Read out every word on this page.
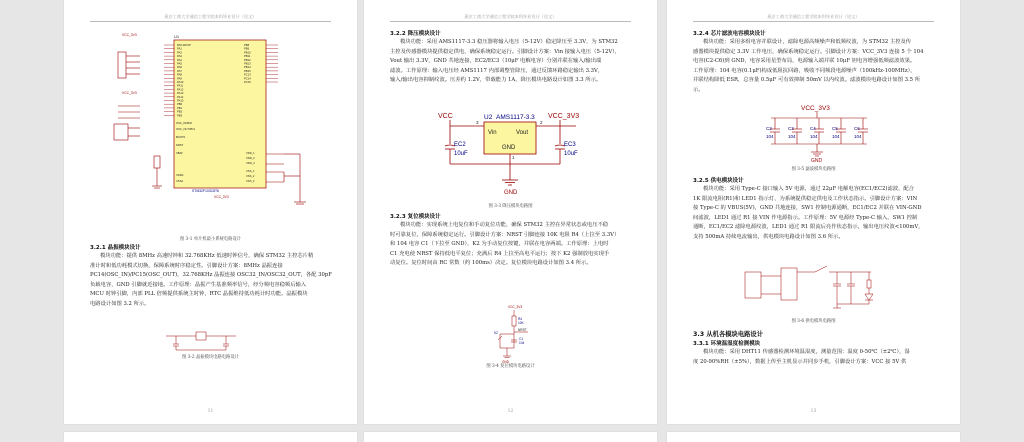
燕京工商大学通信工程学院本科毕业设计（论文）
U1
STM32F103C8T6
PA0-WKUP
PA1
PA2
PA3
PA4
PA5
PA6
PA7
PA8
PA9
PA10
PA11
PA12
PA13
PA14
PA15
PB0
PB1
PB2
PB3
PB8
PB9
PB10
PB11
PB12
PB13
PB14
PB15
PC13
PC14
PC15
OSC_IN/PD0
OSC_OUT/PD1
BOOT0
NRST
VBAT
VDDA
VSSA
VDD_1
VDD_2
VDD_3
VSS_1
VSS_2
VSS_3
VCC_3V3
VCC_3V3
VCC_3V3
图 3-1 单片机最小系统电路设计
3.2.1 晶振模块设计
模块功能：提供 8MHz 高速时钟和 32.768KHz 低速时钟信号，确保 STM32 主控芯片精
准计时和低功耗模式切换，保障系统时序稳定性。引脚设计方案：8MHz 晶振连接
PC14(OSC_IN)/PC15(OSC_OUT)，32.768KHz 晶振连接 OSC32_IN/OSC32_OUT，各配 30pF
负载电容，GND 引脚就近接地。工作原理：晶振产生基准频率信号，经分频电容稳频后输入
MCU 时钟引脚，内部 PLL 倍频提供系统主时钟，RTC 晶振维持低功耗计时功能。晶振模块
电路设计如图 3.2 所示。
图 3-2 晶振模块电路电路设计
11
燕京工商大学通信工程学院本科毕业设计（论文）
3.2.2 降压模块设计
模块功能：采用 AMS1117-3.3 稳压器将输入电压（5-12V）稳定降压至 3.3V，为 STM32
主控及传感器模块提供稳定供电，确保系统稳定运行。引脚设计方案：Vin 接输入电压（5-12V），
Vout 输出 3.3V，GND 共地连接，EC2/EC3（10μF 电解电容）分别并联在输入/输出端
滤波。工作原理：输入电压经 AMS1117 内部调整管降压，通过反馈环路稳定输出 3.3V，
输入/输出电容抑制纹波。压差约 1.2V，带载能力 1A，降压模块电路设计如图 3.3 所示。
VCC	VCC_3V3
U2 AMS1117-3.3
3	2
Vin	Vout
GND
1
EC2
10uF
EC3
10uF
GND
图 3-3 降压模块电路图
3.2.3 复位模块设计
模块功能：实现系统上电复位和手动复位功能，确保 STM32 主控在异常状态或电压不稳
时可靠复位，保障系统稳定运行。引脚设计方案：NRST 引脚连接 10K 电阻 R4（上拉至 3.3V）
和 104 电容 C1（下拉至 GND），K2 为手动复位按键，并联在电容两端。工作原理：上电时
C1 充电使 NRST 保持低电平复位；充满后 R4 上拉至高电平运行；按下 K2 强制放电实现手
动复位。复位时间由 RC 常数（约 100ms）决定。复位模块电路设计如图 3.4 所示。
VCC_3V3
R4
10K
NRST
K2
C1
104
GND
图 3-4 复位模块电路设计
12
燕京工商大学通信工程学院本科毕业设计（论文）
3.2.4 芯片滤波电容模块设计
模块功能：采用多组电容并联设计，滤除电源高频噪声和低频纹波，为 STM32 主控及传
感器模块提供稳定 3.3V 工作电压，确保系统稳定运行。引脚设计方案：VCC_3V3 连接 5 个 104
电容(C2-C6)到 GND，电容采用星型布局，电源输入端并联 10μF 钽电容增强低频滤波效果。
工作原理：104 电容(0.1μF)构成低阻抗回路，吸收不同频段电源噪声（100kHz-100MHz），
并联结构降低 ESR，总容量 0.5μF 可有效抑制 50mV 以内纹波。滤波模块电路设计如图 3.5 所
示。
VCC_3V3
C2
104
C3
104
C4
104
C5
104
C6
104
GND
图 3-5 滤波模块电路图
3.2.5 供电模块设计
模块功能：采用 Type-C 接口输入 5V 电源，通过 22μF 电解电容(EC1/EC2)滤波，配合
1K 限流电阻(R1)和 LED1 指示灯，为系统提供稳定供电及工作状态指示。引脚设计方案：VIN
接 Type-C 的 VBUS(5V)，GND 共地连接，SW1 控制电源通断，EC1/EC2 并联在 VIN-GND
间滤波，LED1 通过 R1 接 VIN 作电源指示。工作原理：5V 电源经 Type-C 输入，SW1 控制
通断，EC1/EC2 滤除电源纹波，LED1 通过 R1 限流后亮作状态指示，输出电压纹波<100mV，
支持 500mA 持续电流输出，供电模块电路设计如图 3.6 所示。
图 3-6 供电模块电路图
3.3 从机各模块电路设计
3.3.1 环境温湿度检测模块
模块功能：采用 DHT11 传感器检测环境温湿度，测量范围：温度 0-50℃（±2℃），湿
度 20-90%RH（±5%），数据上传至主机显示并同步手机，引脚设计方案：VCC 接 5V 供
13
